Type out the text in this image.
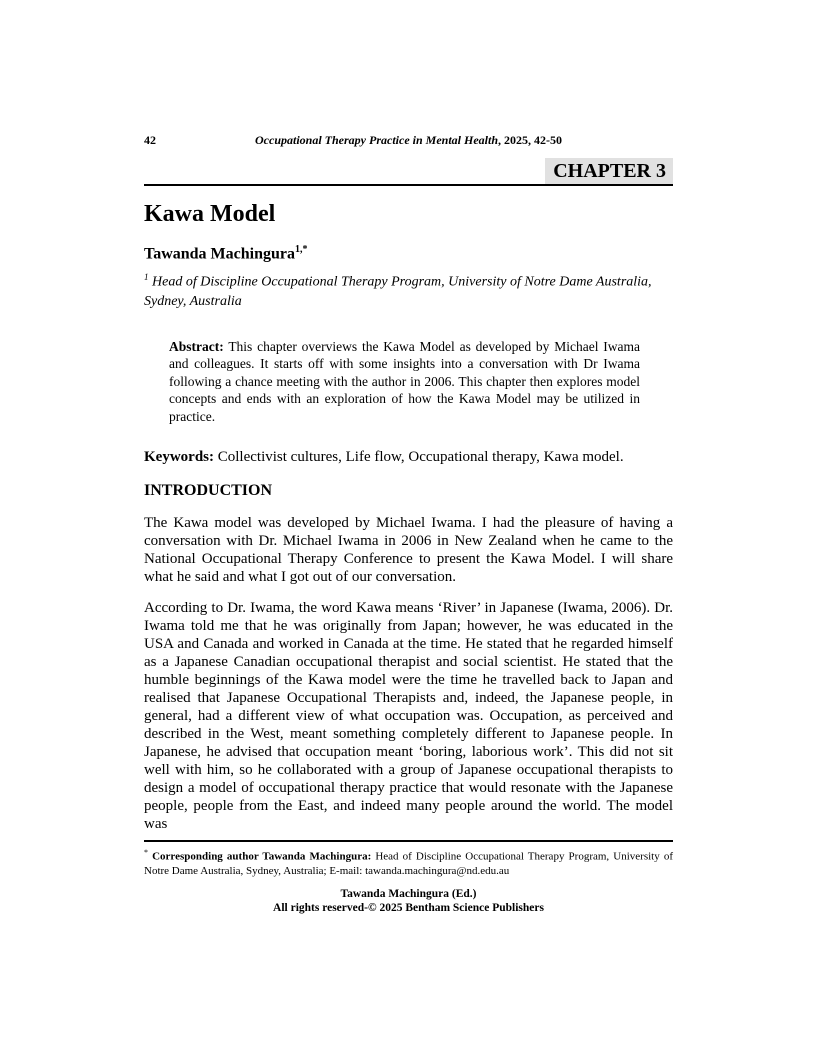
42	Occupational Therapy Practice in Mental Health, 2025, 42-50
CHAPTER 3
Kawa Model
Tawanda Machingura$^{1,*}$
$^1$ Head of Discipline Occupational Therapy Program, University of Notre Dame Australia, Sydney, Australia
Abstract: This chapter overviews the Kawa Model as developed by Michael Iwama and colleagues. It starts off with some insights into a conversation with Dr Iwama following a chance meeting with the author in 2006. This chapter then explores model concepts and ends with an exploration of how the Kawa Model may be utilized in practice.
Keywords: Collectivist cultures, Life flow, Occupational therapy, Kawa model.
INTRODUCTION

The Kawa model was developed by Michael Iwama. I had the pleasure of having a conversation with Dr. Michael Iwama in 2006 in New Zealand when he came to the National Occupational Therapy Conference to present the Kawa Model. I will share what he said and what I got out of our conversation.

According to Dr. Iwama, the word Kawa means ‘River’ in Japanese (Iwama, 2006). Dr. Iwama told me that he was originally from Japan; however, he was educated in the USA and Canada and worked in Canada at the time. He stated that he regarded himself as a Japanese Canadian occupational therapist and social scientist. He stated that the humble beginnings of the Kawa model were the time he travelled back to Japan and realised that Japanese Occupational Therapists and, indeed, the Japanese people, in general, had a different view of what occupation was. Occupation, as perceived and described in the West, meant something completely different to Japanese people. In Japanese, he advised that occupation meant ‘boring, laborious work’. This did not sit well with him, so he collaborated with a group of Japanese occupational therapists to design a model of occupational therapy practice that would resonate with the Japanese people, people from the East, and indeed many people around the world. The model was

* Corresponding author Tawanda Machingura: Head of Discipline Occupational Therapy Program, University of Notre Dame Australia, Sydney, Australia; E-mail: tawanda.machingura@nd.edu.au
Tawanda Machingura (Ed.)
All rights reserved-© 2025 Bentham Science Publishers
